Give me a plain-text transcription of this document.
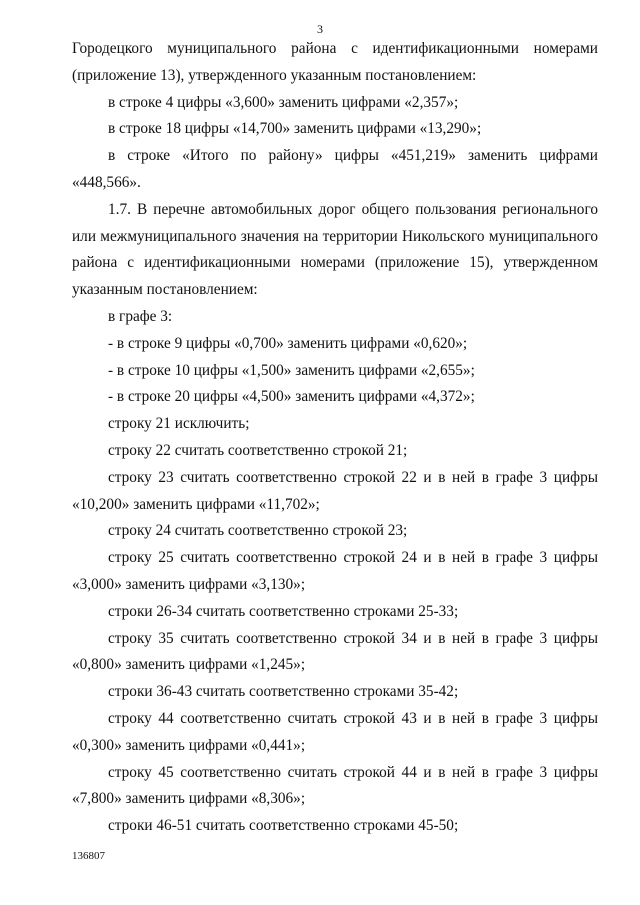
3

Городецкого муниципального района с идентификационными номерами (приложение 13), утвержденного указанным постановлением:

в строке 4 цифры «3,600» заменить цифрами «2,357»;

в строке 18 цифры «14,700» заменить цифрами «13,290»;

в строке «Итого по району» цифры «451,219» заменить цифрами «448,566».

1.7. В перечне автомобильных дорог общего пользования регионального или межмуниципального значения на территории Никольского муниципального района с идентификационными номерами (приложение 15), утвержденном указанным постановлением:

в графе 3:

- в строке 9 цифры «0,700» заменить цифрами «0,620»;

- в строке 10 цифры «1,500» заменить цифрами «2,655»;

- в строке 20 цифры «4,500» заменить цифрами «4,372»;

строку 21 исключить;

строку 22 считать соответственно строкой 21;

строку 23 считать соответственно строкой 22 и в ней в графе 3 цифры «10,200» заменить цифрами «11,702»;

строку 24 считать соответственно строкой 23;

строку 25 считать соответственно строкой 24 и в ней в графе 3 цифры «3,000» заменить цифрами «3,130»;

строки 26-34 считать соответственно строками 25-33;

строку 35 считать соответственно строкой 34 и в ней в графе 3 цифры «0,800» заменить цифрами «1,245»;

строки 36-43 считать соответственно строками 35-42;

строку 44 соответственно считать строкой 43 и в ней в графе 3 цифры «0,300» заменить цифрами «0,441»;

строку 45 соответственно считать строкой 44 и в ней в графе 3 цифры «7,800» заменить цифрами «8,306»;

строки 46-51 считать соответственно строками 45-50;

136807
